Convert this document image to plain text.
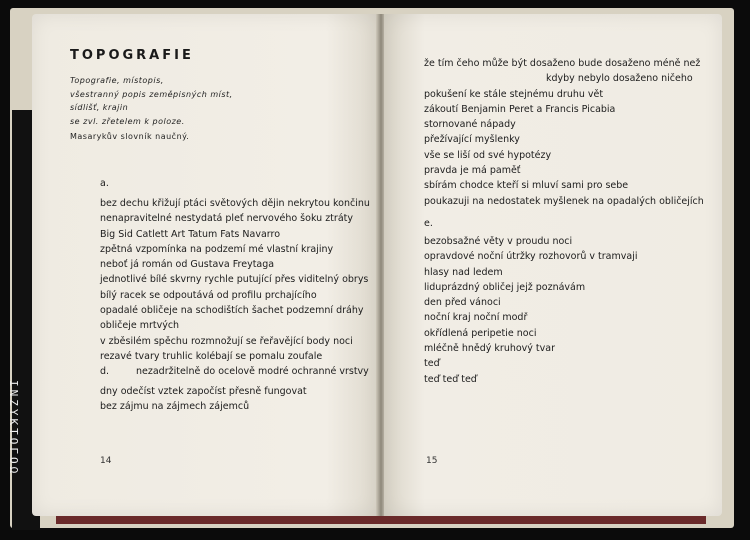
ΙΝΖΥΚΤΟΓΟΩ
TOPOGRAFIE
Topografie, místopis,
všestranný popis zeměpisných míst,
sídlišť, krajin
se zvl. zřetelem k poloze.
Masarykův slovník naučný.
a.
bez dechu křižují ptáci světových dějin nekrytou končinu
nenapravitelné nestydatá pleť nervového šoku ztráty
Big Sid Catlett Art Tatum Fats Navarro
zpětná vzpomínka na podzemí mé vlastní krajiny
neboť já román od Gustava Freytaga
jednotlivé bílé skvrny rychle putující přes viditelný obrys
bílý racek se odpoutává od profilu prchajícího
opadalé obličeje na schodištích šachet podzemní dráhy
obličeje mrtvých
v zběsilém spěchu rozmnožují se řeřavějící body noci
rezavé tvary truhlic kolébají se pomalu zoufale
nezadržitelně do ocelově modré ochranné vrstvy
d.
dny odečíst vztek započíst přesně fungovat
bez zájmu na zájmech zájemců
14
že tím čeho může být dosaženo bude dosaženo méně než
kdyby nebylo dosaženo ničeho
pokušení ke stále stejnému druhu vět
zákoutí Benjamin Peret a Francis Picabia
stornované nápady
přežívající myšlenky
vše se liší od své hypotézy
pravda je má paměť
sbírám chodce kteří si mluví sami pro sebe
poukazuji na nedostatek myšlenek na opadalých obličejích
e.
bezobsažné věty v proudu noci
opravdové noční útržky rozhovorů v tramvaji
hlasy nad ledem
liduprázdný obličej jejž poznávám
den před vánoci
noční kraj noční modř
okřídlená peripetie noci
mléčně hnědý kruhový tvar
teď
teď teď teď
15
